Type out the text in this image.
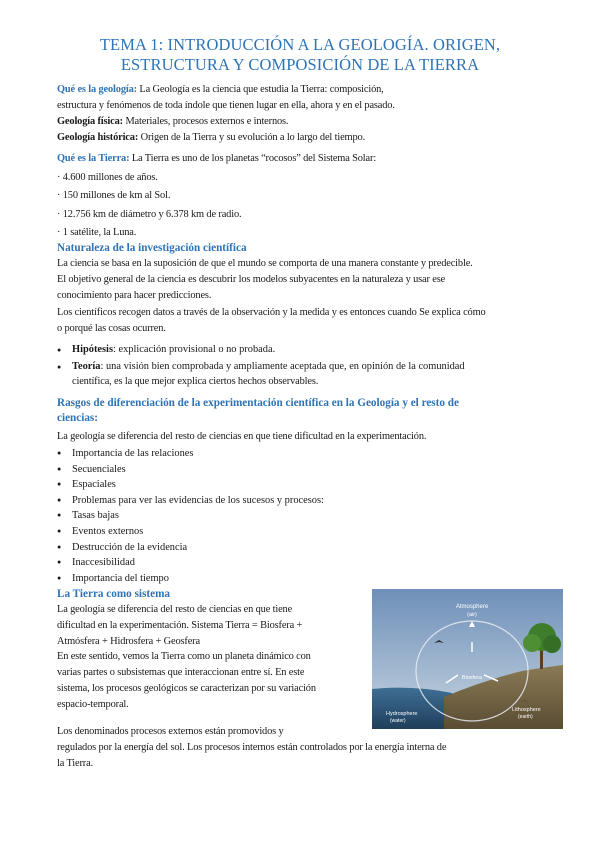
TEMA 1: INTRODUCCIÓN A LA GEOLOGÍA. ORIGEN,
ESTRUCTURA Y COMPOSICIÓN DE LA TIERRA
Qué es la geología: La Geología es la ciencia que estudia la Tierra: composición,
estructura y fenómenos de toda índole que tienen lugar en ella, ahora y en el pasado.
Geología física: Materiales, procesos externos e internos.
Geología histórica: Origen de la Tierra y su evolución a lo largo del tiempo.
Qué es la Tierra: La Tierra es uno de los planetas “rocosos” del Sistema Solar:
· 4.600 millones de años.
· 150 millones de km al Sol.
· 12.756 km de diámetro y 6.378 km de radio.
· 1 satélite, la Luna.
Naturaleza de la investigación científica
La ciencia se basa en la suposición de que el mundo se comporta de una manera constante y predecible.
El objetivo general de la ciencia es descubrir los modelos subyacentes en la naturaleza y usar ese
conocimiento para hacer predicciones.
Los científicos recogen datos a través de la observación y la medida y es entonces cuando Se explica cómo
o porqué las cosas ocurren.
● Hipótesis: explicación provisional o no probada.
● Teoría: una visión bien comprobada y ampliamente aceptada que, en opinión de la comunidad
científica, es la que mejor explica ciertos hechos observables.
Rasgos de diferenciación de la experimentación científica en la Geología y el resto de
ciencias:
La geología se diferencia del resto de ciencias en que tiene dificultad en la experimentación.
● Importancia de las relaciones
● Secuenciales
● Espaciales
● Problemas para ver las evidencias de los sucesos y procesos:
● Tasas bajas
● Eventos externos
● Destrucción de la evidencia
● Inaccesibilidad
● Importancia del tiempo
La Tierra como sistema
La geología se diferencia del resto de ciencias en que tiene
dificultad en la experimentación. Sistema Tierra = Biosfera +
Atmósfera + Hidrosfera + Geosfera
En este sentido, vemos la Tierra como un planeta dinámico con
varias partes o subsistemas que interaccionan entre sí. En este
sistema, los procesos geológicos se caracterizan por su variación
espacio-temporal.
Los denominados procesos externos están promovidos y
regulados por la energía del sol. Los procesos internos están controlados por la energía interna de
la Tierra.
Atmosphere
(air)
Biosfera
Hydrosphere
(water)
Lithosphere
(earth)
